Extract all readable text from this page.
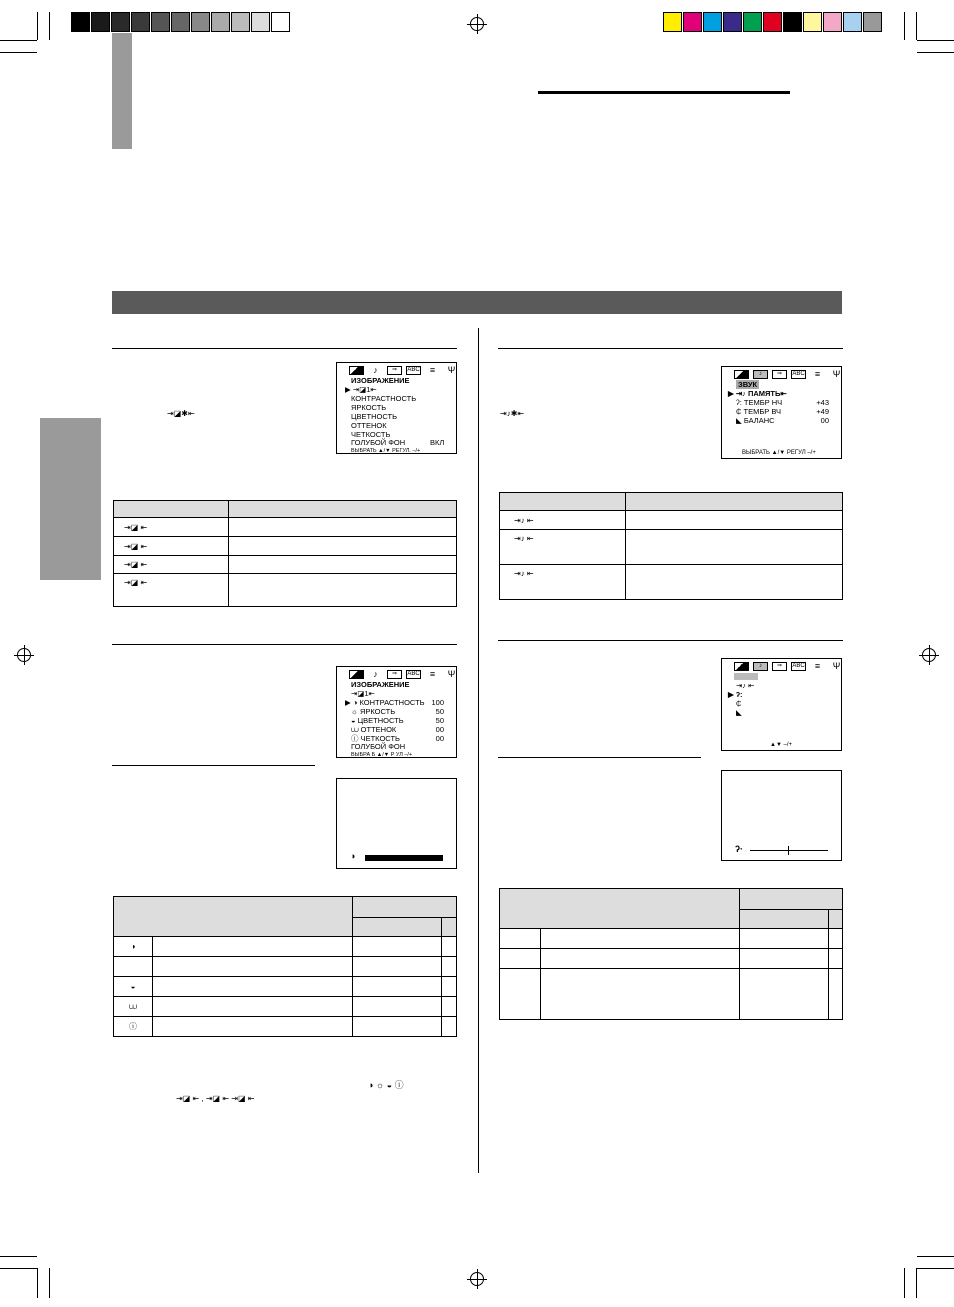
⇥◪✱⇤
♪	⇒	ABC	≡	Ψ
ИЗОБРАЖЕНИЕ
▶ ⇥◪1⇤
КОНТРАСТНОСТЬ
ЯРКОСТЬ
ЦВЕТНОСТЬ
ОТТЕНОК
ЧЕТКОСТЬ
ГОЛУБОЙ ФОН	ВКЛ
ВЫБРАТЬ ▲/▼ РЕГУЛ. –/+

⇥◪ ⇤	
⇥◪ ⇤	
⇥◪ ⇤	
⇥◪ ⇤	
♪	⇒	ABC	≡	Ψ
ИЗОБРАЖЕНИЕ
⇥◪1⇤
▶ ◑ КОНТРАСТНОСТЬ 100
☼ ЯРКОСТЬ	50
◒ ЦВЕТНОСТЬ	50
⩊ ОТТЕНОК	00
ⓘ ЧЕТКОСТЬ	00
ГОЛУБОЙ ФОН
ВЫБРА Б ▲/▼ Р УЛ –/+
◑

◑			

◒			
⩊			
ⓘ			
◑ ☼ ◒ ⓘ
⇥◪ ⇤ , ⇥◪ ⇤ ⇥◪ ⇤
⇥♪✱⇤
♪	⇒	ABC	≡	Ψ
ЗВУК
▶ ⇥♪ ПАМЯТЬ⇤
ʔ: ТЕМБР НЧ	+43
₵ ТЕМБР ВЧ	+49
◣ БАЛАНС	00
ВЫБРАТЬ ▲/▼ РЕГУЛ –/+

⇥♪ ⇤	
⇥♪ ⇤	
⇥♪ ⇤	
♪	⇒	ABC	≡	Ψ
⇥♪ ⇤
▶ ʔ:
₵
◣
▲▼ –/+
ʔ·
